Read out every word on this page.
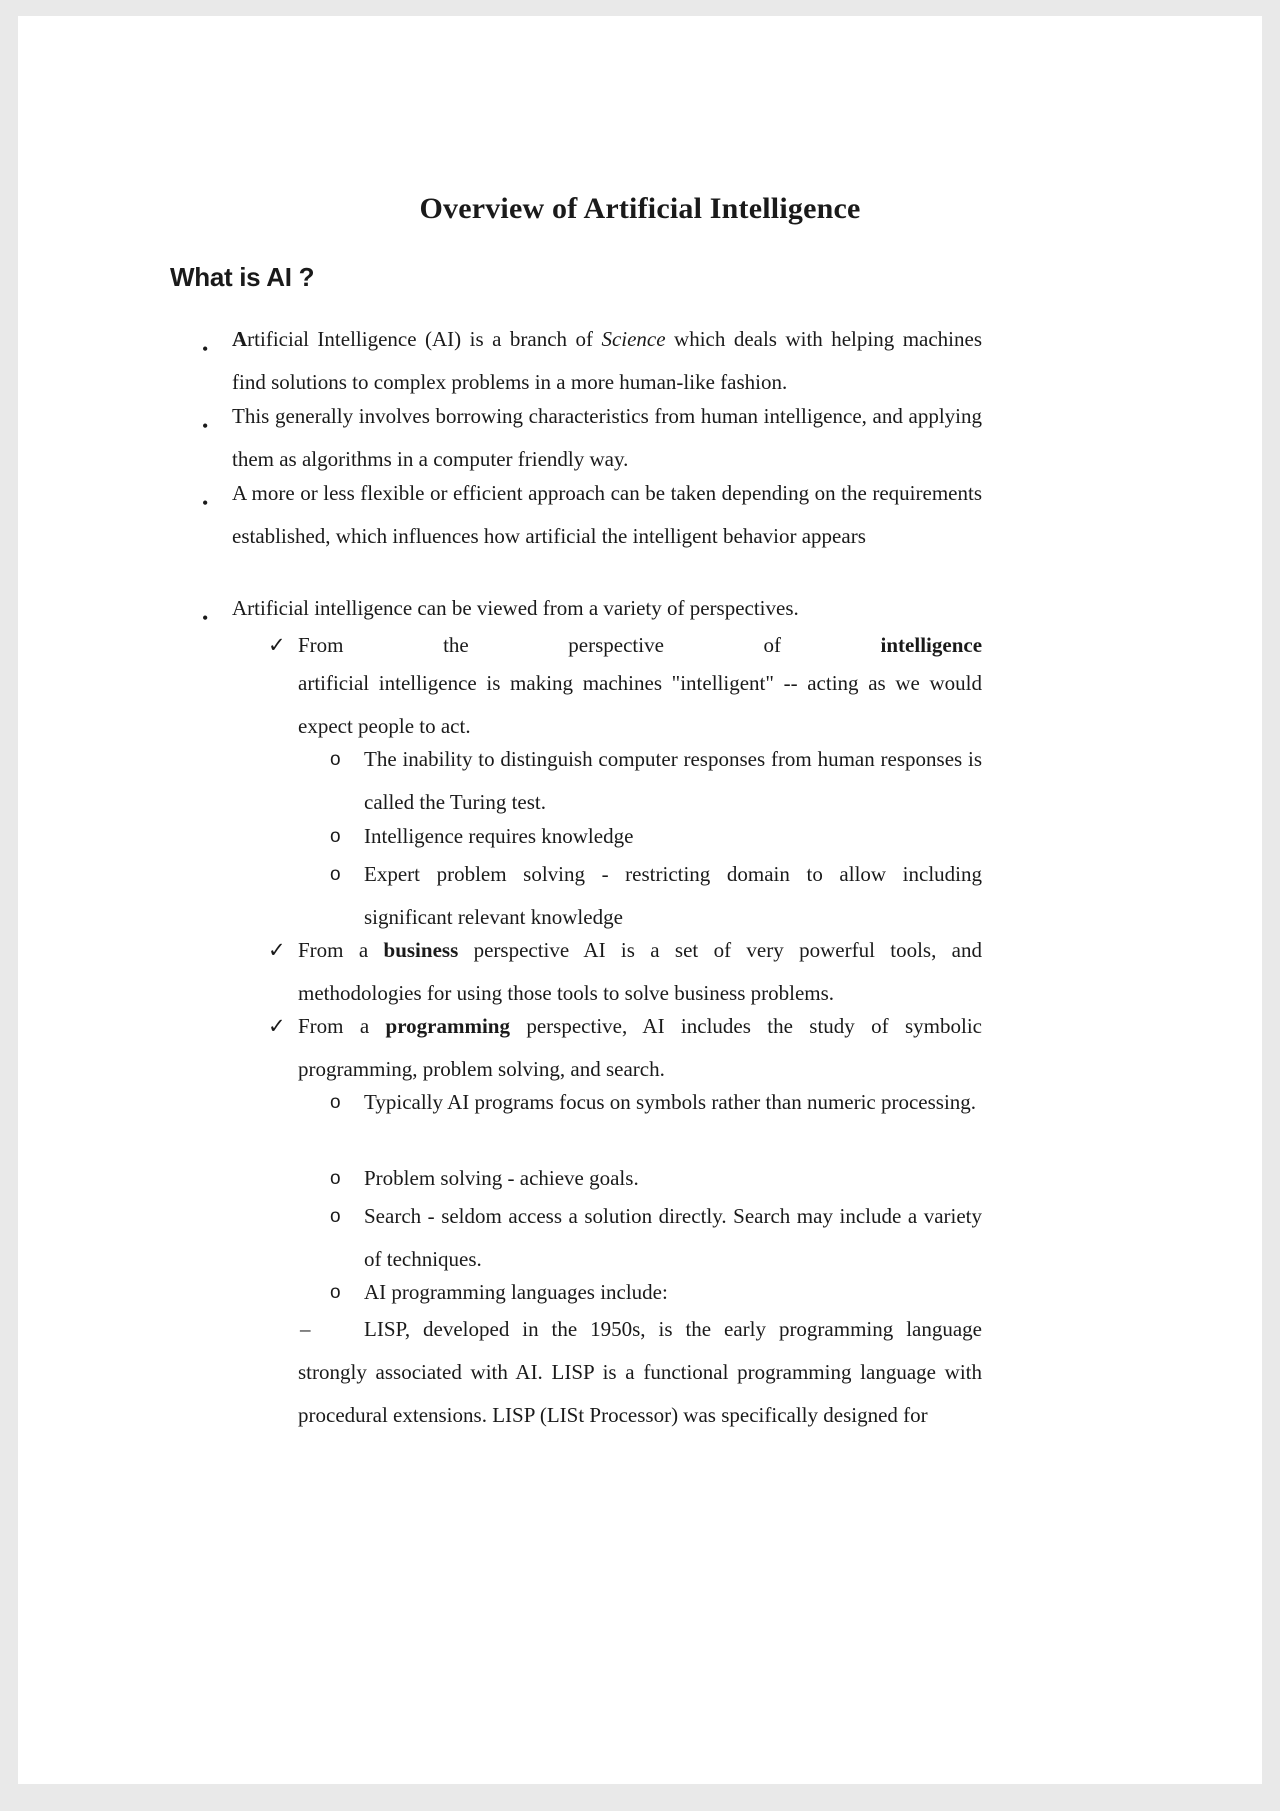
Overview of Artificial Intelligence
What is AI ?
• Artificial Intelligence (AI) is a branch of Science which deals with helping machines find solutions to complex problems in a more human-like fashion.

• This generally involves borrowing characteristics from human intelligence, and applying them as algorithms in a computer friendly way.

• A more or less flexible or efficient approach can be taken depending on the requirements established, which influences how artificial the intelligent behavior appears

• Artificial intelligence can be viewed from a variety of perspectives.

✓ From	the	perspective	of	intelligence

artificial intelligence is making machines "intelligent" -- acting as we would expect people to act.

o The inability to distinguish computer responses from human responses is called the Turing test.

o Intelligence requires knowledge

o Expert problem solving - restricting domain to allow including significant relevant knowledge

✓ From a business perspective AI is a set of very powerful tools, and methodologies for using those tools to solve business problems.

✓ From a programming perspective, AI includes the study of symbolic programming, problem solving, and search.

o Typically AI programs focus on symbols rather than numeric processing.

o Problem solving - achieve goals.

o Search - seldom access a solution directly. Search may include a variety of techniques.

o AI programming languages include:

–	LISP, developed in the 1950s, is the early programming language strongly associated with AI. LISP is a functional programming language with procedural extensions. LISP (LISt Processor) was specifically designed for
